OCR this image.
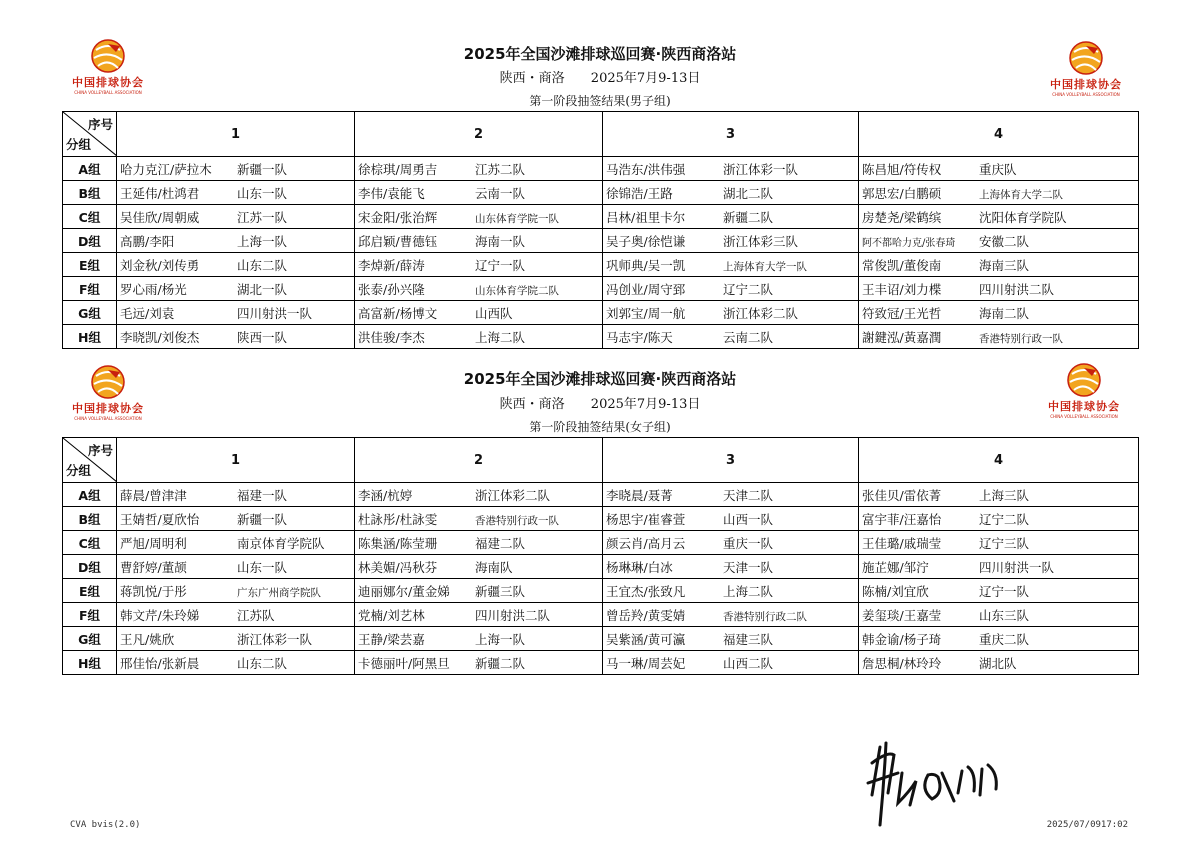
中国排球协会
CHINA VOLLEYBALL ASSOCIATION
中国排球协会
CHINA VOLLEYBALL ASSOCIATION
2025年全国沙滩排球巡回赛·陕西商洛站
陕西・商洛 2025年7月9-13日
第一阶段抽签结果(男子组)
序号
分组	1	2	3	4
A组	哈力克江/萨拉木 新疆一队	徐棕琪/周勇吉 江苏二队	马浩东/洪伟强 浙江体彩一队	陈昌旭/符传权 重庆队
B组	王延伟/杜鸿君 山东一队	李伟/袁能飞 云南一队	徐锦浩/王路 湖北二队	郭思宏/白鹏硕 上海体育大学二队
C组	吴佳欣/周朝威 江苏一队	宋金阳/张治辉 山东体育学院一队	吕林/祖里卡尔 新疆二队	房楚尧/梁鹤缤 沈阳体育学院队
D组	高鹏/李阳 上海一队	邱启颖/曹德钰 海南一队	吴子奥/徐恺谦 浙江体彩三队	阿不都哈力克/张春琦 安徽二队
E组	刘金秋/刘传勇 山东二队	李焯新/薛涛 辽宁一队	巩师典/吴一凯 上海体育大学一队	常俊凯/董俊南 海南三队
F组	罗心雨/杨光 湖北一队	张泰/孙兴隆 山东体育学院二队	冯创业/周守郅 辽宁二队	王丰诏/刘力楪 四川射洪二队
G组	毛远/刘袁 四川射洪一队	高富新/杨博文 山西队	刘郭宝/周一航 浙江体彩二队	符致冠/王光哲 海南二队
H组	李晓凯/刘俊杰 陕西一队	洪佳骏/李杰 上海二队	马志宇/陈天 云南二队	謝鍵泓/黃嘉潤 香港特别行政一队
中国排球协会
CHINA VOLLEYBALL ASSOCIATION
中国排球协会
CHINA VOLLEYBALL ASSOCIATION
2025年全国沙滩排球巡回赛·陕西商洛站
陕西・商洛 2025年7月9-13日
第一阶段抽签结果(女子组)
序号
分组	1	2	3	4
A组	薛晨/曾津津 福建一队	李涵/杭婷 浙江体彩二队	李晓晨/聂菁 天津二队	张佳贝/雷依菁 上海三队
B组	王婧哲/夏欣怡 新疆一队	杜詠彤/杜詠雯 香港特别行政一队	杨思宇/崔睿萱 山西一队	富宇菲/汪嘉怡 辽宁二队
C组	严旭/周明利 南京体育学院队	陈集涵/陈莹珊 福建二队	颜云肖/高月云 重庆一队	王佳璐/戚瑞莹 辽宁三队
D组	曹舒婷/董颉 山东一队	林美媚/冯秋芬 海南队	杨琳琳/白冰 天津一队	施芷娜/邹泞 四川射洪一队
E组	蒋凯悦/于彤 广东广州商学院队	迪丽娜尔/董金娣 新疆三队	王宜杰/张致凡 上海二队	陈楠/刘宜欣 辽宁一队
F组	韩文芹/朱玲娣 江苏队	党楠/刘艺林 四川射洪二队	曾岳羚/黄雯婧 香港特别行政二队	姜玺琰/王嘉莹 山东三队
G组	王凡/姚欣 浙江体彩一队	王静/梁芸嘉 上海一队	吴紫涵/黄可瀛 福建三队	韩金谕/杨子琦 重庆二队
H组	邢佳怡/张新晨 山东二队	卡德丽叶/阿黑旦 新疆二队	马一琳/周芸妃 山西二队	詹思桐/林玲玲 湖北队
CVA bvis(2.0)	2025/07/0917:02
